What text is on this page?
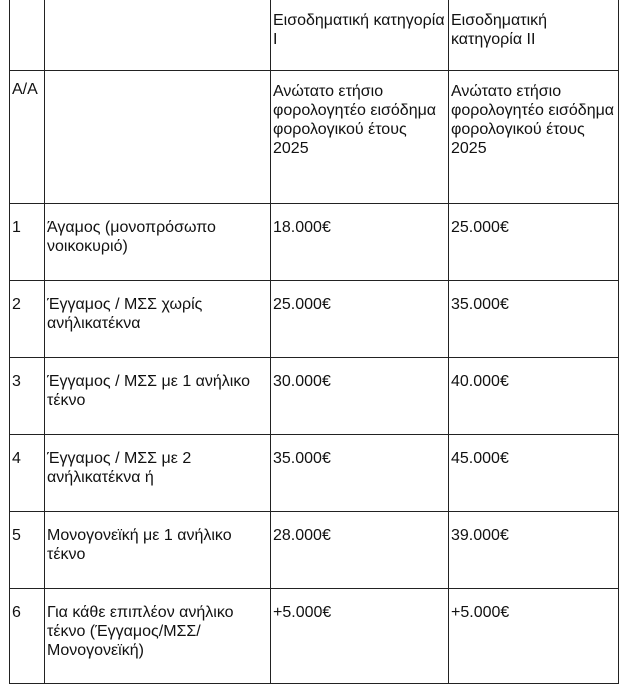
		Εισοδηματική κατηγορία Ι	Εισοδηματική κατηγορία ΙΙ
Α/Α		Ανώτατο ετήσιο φορολογητέο εισόδημα φορολογικού έτους 2025	Ανώτατο ετήσιο φορολογητέο εισόδημα φορολογικού έτους 2025
1	Άγαμος (μονοπρόσωπο νοικοκυριό)	18.000€	25.000€
2	Έγγαμος / ΜΣΣ χωρίς ανήλικατέκνα	25.000€	35.000€
3	Έγγαμος / ΜΣΣ με 1 ανήλικο τέκνο	30.000€	40.000€
4	Έγγαμος / ΜΣΣ με 2 ανήλικατέκνα ή	35.000€	45.000€
5	Μονογονεϊκή με 1 ανήλικο τέκνο	28.000€	39.000€
6	Για κάθε επιπλέον ανήλικο τέκνο (Έγγαμος/ΜΣΣ/ Μονογονεϊκή)	+5.000€	+5.000€
